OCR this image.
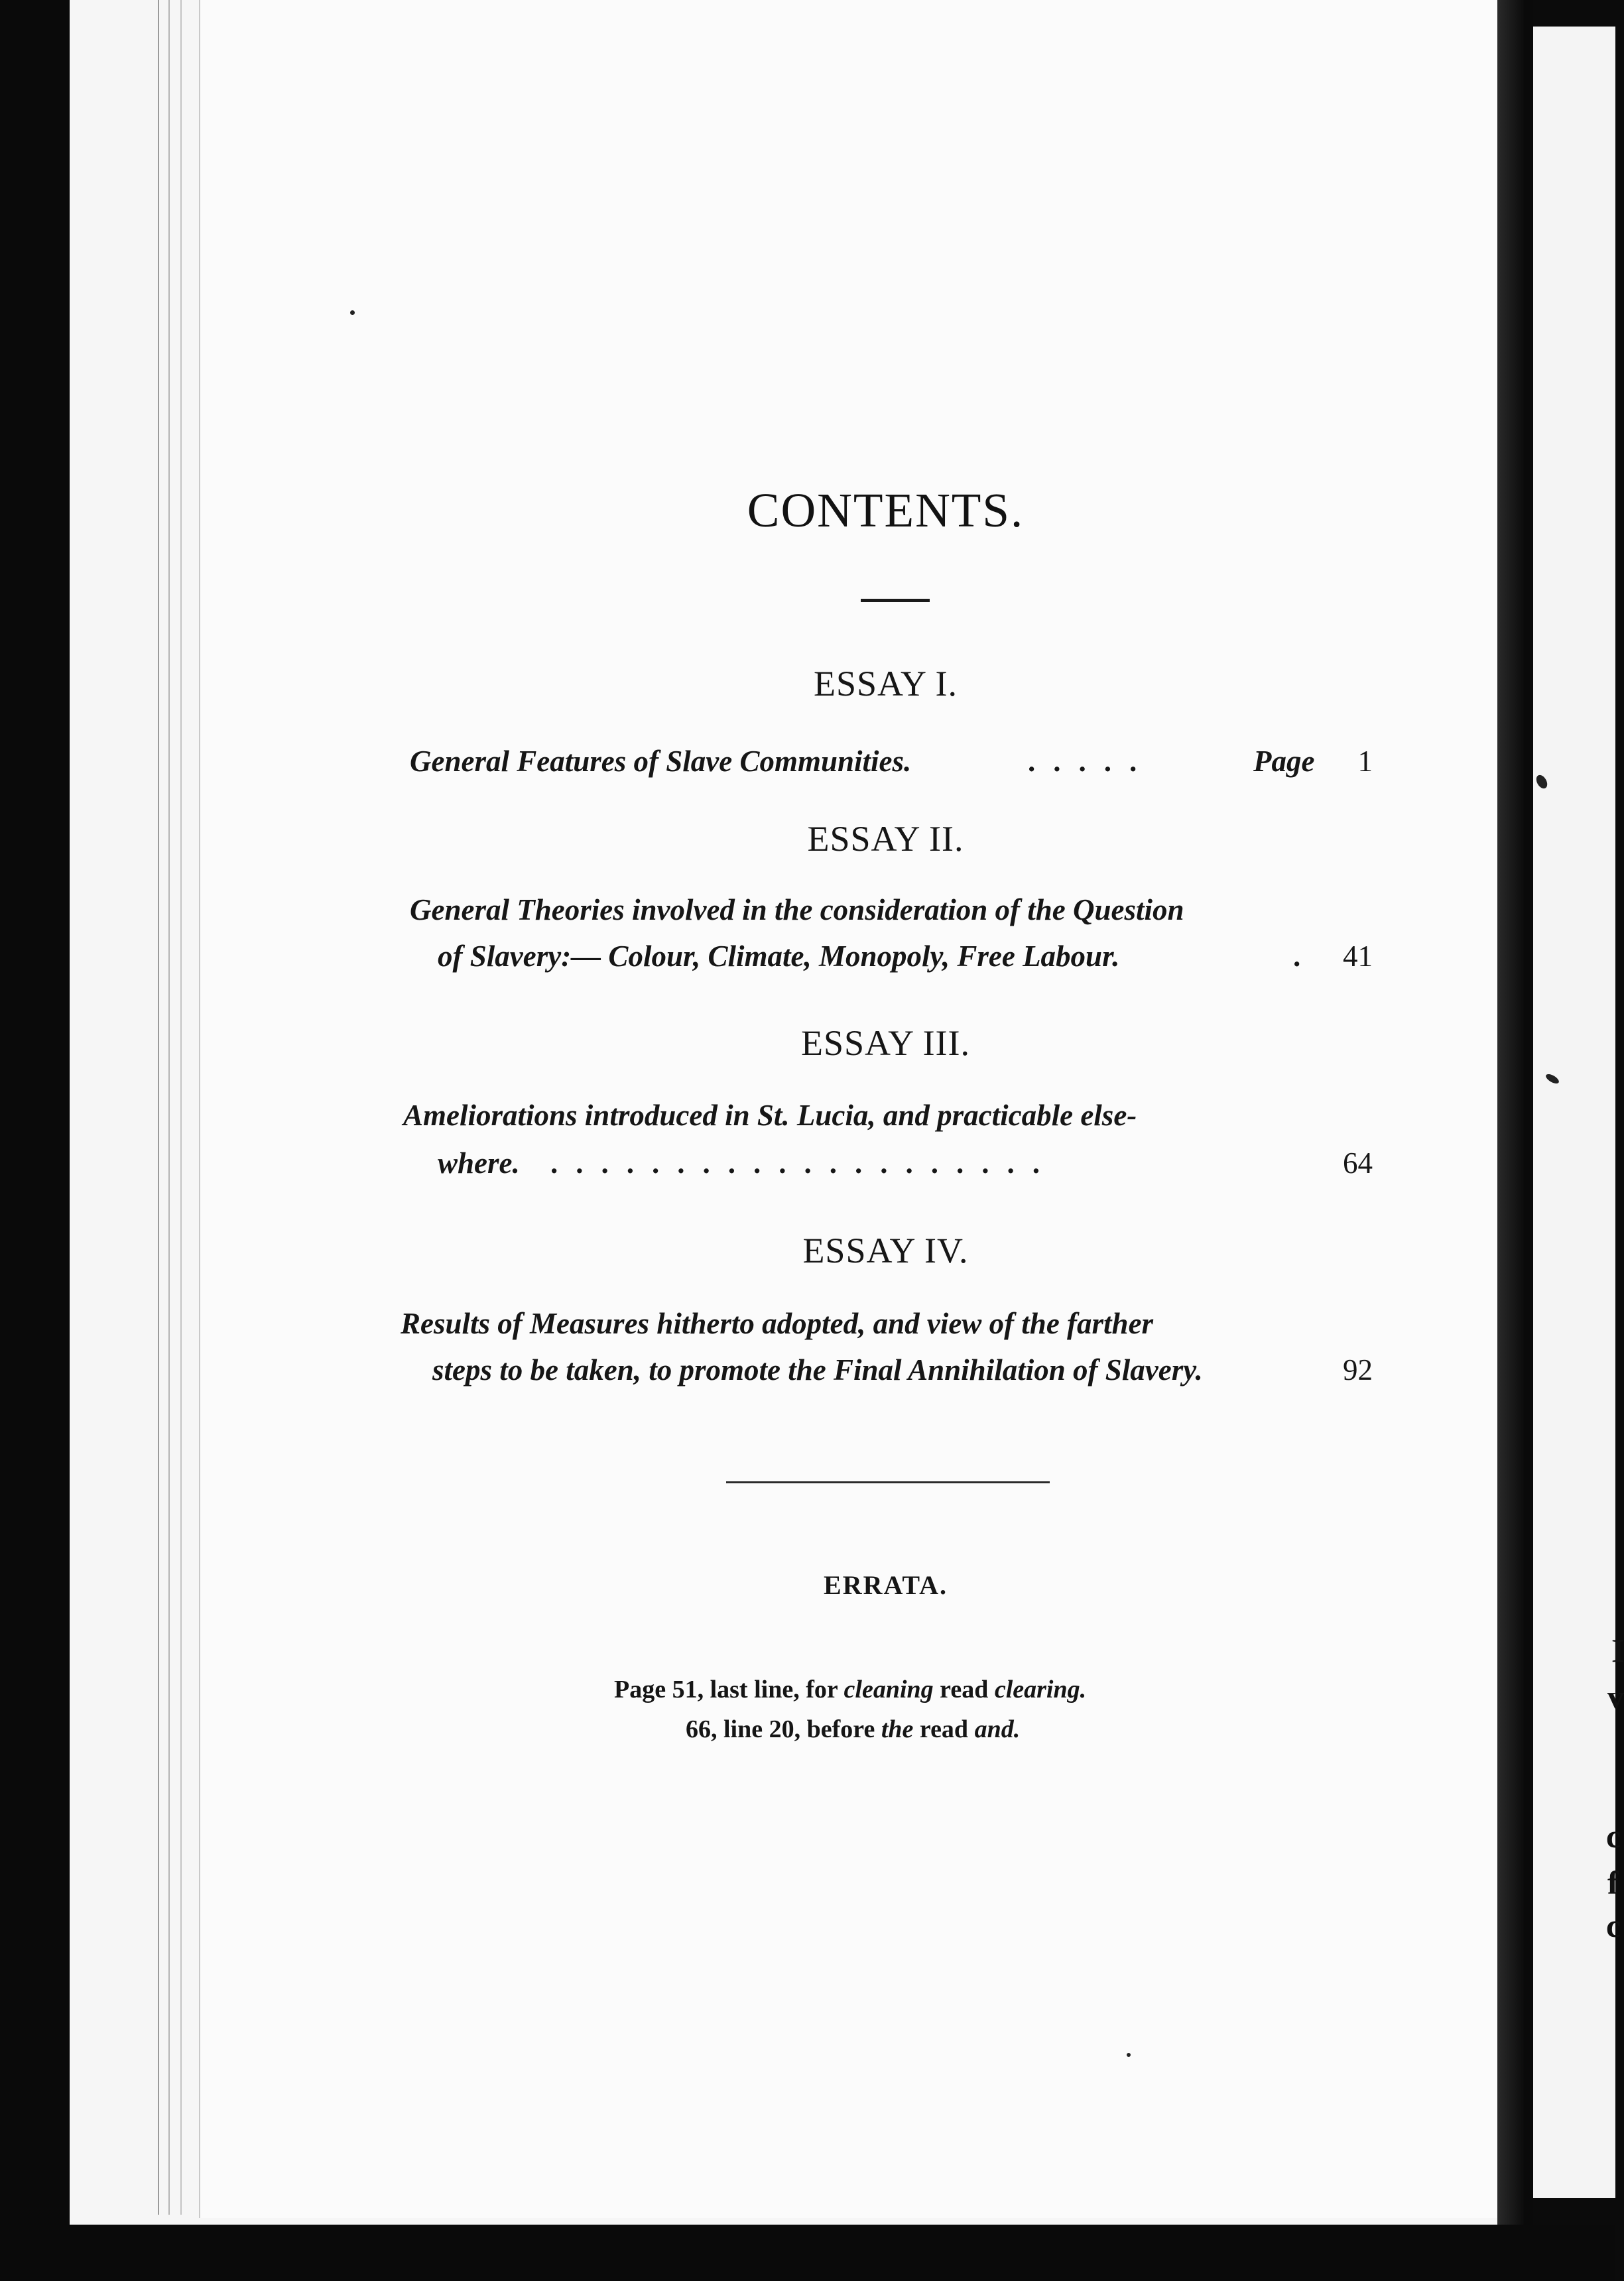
I
v
c
f
c
CONTENTS.
ESSAY I.
General Features of Slave Communities.	.....	Page	1
ESSAY II.
General Theories involved in the consideration of the Question
of Slavery:— Colour, Climate, Monopoly, Free Labour.	. 41
ESSAY III.
Ameliorations introduced in St. Lucia, and practicable else-
where. ....................	64
ESSAY IV.
Results of Measures hitherto adopted, and view of the farther
steps to be taken, to promote the Final Annihilation of Slavery.	92
ERRATA.
Page 51, last line, for cleaning read clearing.
66, line 20, before the read and.
